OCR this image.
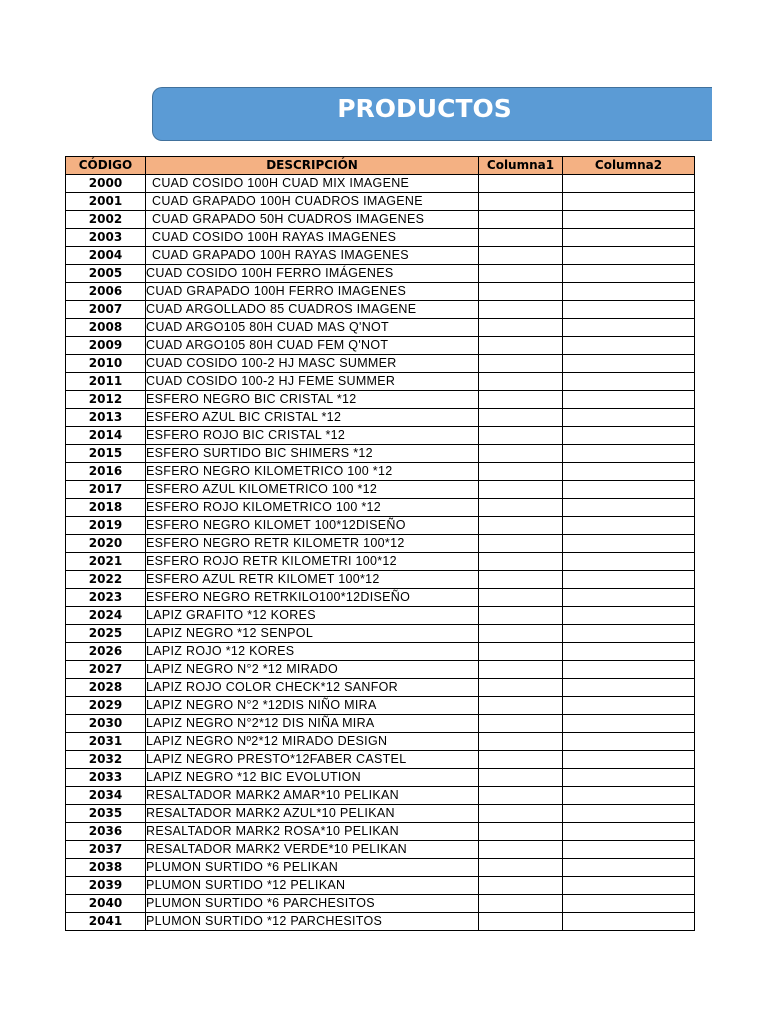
PRODUCTOS
CÓDIGO	DESCRIPCIÓN	Columna1	Columna2
2000	CUAD COSIDO 100H CUAD MIX IMAGENE		
2001	CUAD GRAPADO 100H CUADROS IMAGENE		
2002	CUAD GRAPADO 50H CUADROS IMAGENES		
2003	CUAD COSIDO 100H RAYAS IMAGENES		
2004	CUAD GRAPADO 100H RAYAS IMAGENES		
2005	CUAD COSIDO 100H FERRO IMÁGENES		
2006	CUAD GRAPADO 100H FERRO IMAGENES		
2007	CUAD ARGOLLADO 85 CUADROS IMAGENE		
2008	CUAD ARGO105 80H CUAD MAS Q'NOT		
2009	CUAD ARGO105 80H CUAD FEM Q'NOT		
2010	CUAD COSIDO 100-2 HJ MASC SUMMER		
2011	CUAD COSIDO 100-2 HJ FEME SUMMER		
2012	ESFERO NEGRO BIC CRISTAL *12		
2013	ESFERO AZUL BIC CRISTAL *12		
2014	ESFERO ROJO BIC CRISTAL *12		
2015	ESFERO SURTIDO BIC SHIMERS *12		
2016	ESFERO NEGRO KILOMETRICO 100 *12		
2017	ESFERO AZUL KILOMETRICO 100 *12		
2018	ESFERO ROJO KILOMETRICO 100 *12		
2019	ESFERO NEGRO KILOMET 100*12DISEÑO		
2020	ESFERO NEGRO RETR KILOMETR 100*12		
2021	ESFERO ROJO RETR KILOMETRI 100*12		
2022	ESFERO AZUL RETR KILOMET 100*12		
2023	ESFERO NEGRO RETRKILO100*12DISEÑO		
2024	LAPIZ GRAFITO *12 KORES		
2025	LAPIZ NEGRO *12 SENPOL		
2026	LAPIZ ROJO *12 KORES		
2027	LAPIZ NEGRO N°2 *12 MIRADO		
2028	LAPIZ ROJO COLOR CHECK*12 SANFOR		
2029	LAPIZ NEGRO N°2 *12DIS NIÑO MIRA		
2030	LAPIZ NEGRO N°2*12 DIS NIÑA MIRA		
2031	LAPIZ NEGRO Nº2*12 MIRADO DESIGN		
2032	LAPIZ NEGRO PRESTO*12FABER CASTEL		
2033	LAPIZ NEGRO *12 BIC EVOLUTION		
2034	RESALTADOR MARK2 AMAR*10 PELIKAN		
2035	RESALTADOR MARK2 AZUL*10 PELIKAN		
2036	RESALTADOR MARK2 ROSA*10 PELIKAN		
2037	RESALTADOR MARK2 VERDE*10 PELIKAN		
2038	PLUMON SURTIDO *6 PELIKAN		
2039	PLUMON SURTIDO *12 PELIKAN		
2040	PLUMON SURTIDO *6 PARCHESITOS		
2041	PLUMON SURTIDO *12 PARCHESITOS		
